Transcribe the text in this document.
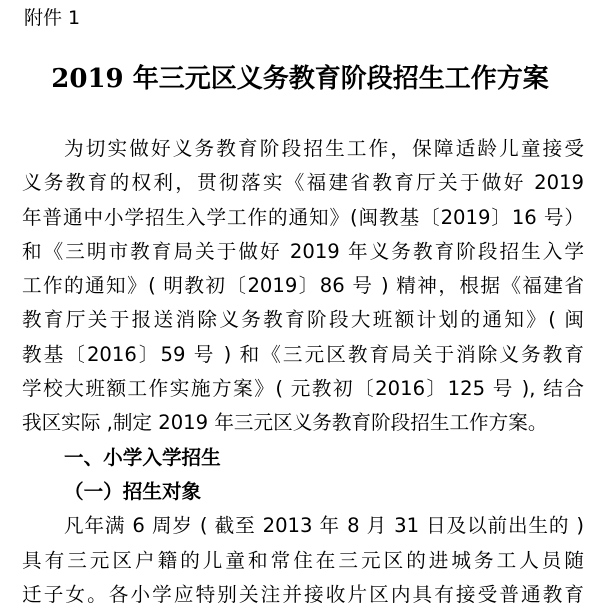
附件 1
2019 年三元区义务教育阶段招生工作方案
为切实做好义务教育阶段招生工作，保障适龄儿童接受
义务教育的权利，贯彻落实《福建省教育厅关于做好 2019
年普通中小学招生入学工作的通知》(闽教基〔2019〕16 号）
和《三明市教育局关于做好 2019 年义务教育阶段招生入学
工作的通知》( 明教初〔2019〕86 号 ) 精神，根据《福建省
教育厅关于报送消除义务教育阶段大班额计划的通知》( 闽
教基〔2016〕59 号 ) 和《三元区教育局关于消除义务教育
学校大班额工作实施方案》( 元教初〔2016〕125 号 ), 结合
我区实际 ,制定 2019 年三元区义务教育阶段招生工作方案。
一、小学入学招生
（一）招生对象
凡年满 6 周岁 ( 截至 2013 年 8 月 31 日及以前出生的 )
具有三元区户籍的儿童和常住在三元区的进城务工人员随
迁子女。各小学应特别关注并接收片区内具有接受普通教育
